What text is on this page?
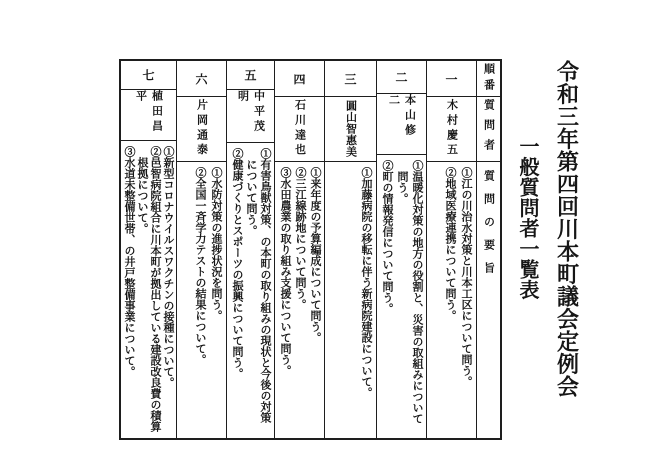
令和三年第四回川本町議会定例会
一般質問者一覧表
七
植田昌平
①新型コロナウイルスワクチンの接種について。
②邑智病院組合に川本町が拠出している建設改良費の積算根拠について。
③水道未整備世帯、の井戸整備事業について。
六
片岡通泰
①水防対策の進捗状況を問う。
②全国一斉学力テストの結果について。
五
中平茂明
①有害鳥獣対策、の本町の取り組みの現状と今後の対策について問う。
②健康づくりとスポーツの振興について問う。
四
石川達也
①来年度の予算編成について問う。
②三江線跡地について問う。
③水田農業の取り組み支援について問う。
三
圓山智惠美
①加藤病院の移転に伴う新病院建設について。
二
本山修二
①温暖化対策の地方の役割と、災害の取組みについて問う。
②町の情報発信について問う。
一
木村慶五
①江の川治水対策と川本工区について問う。
②地域医療連携について問う。
順番
質問者
質問の要旨
